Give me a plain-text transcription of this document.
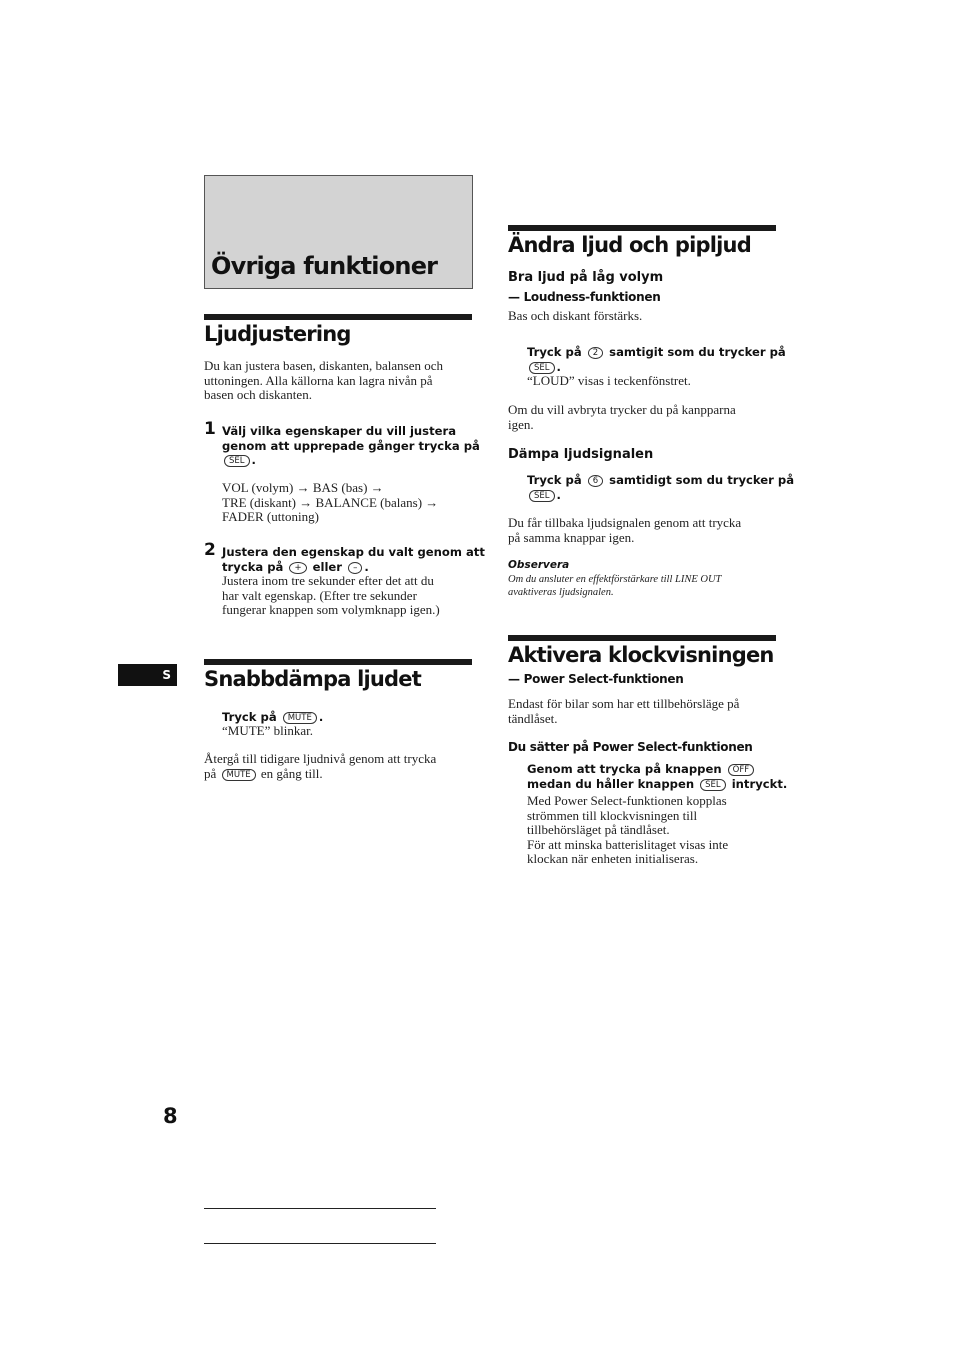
Övriga funktioner
Ljudjustering
Du kan justera basen, diskanten, balansen och
uttoningen. Alla källorna kan lagra nivån på
basen och diskanten.
1 Välj vilka egenskaper du vill justera
genom att upprepade gånger trycka på
SEL .
VOL (volym) → BAS (bas) →
TRE (diskant) → BALANCE (balans) →
FADER (uttoning)
2 Justera den egenskap du valt genom att
trycka på + eller – .
Justera inom tre sekunder efter det att du
har valt egenskap. (Efter tre sekunder
fungerar knappen som volymknapp igen.)
S Snabbdämpa ljudet
Tryck på MUTE .
“MUTE” blinkar.
Återgå till tidigare ljudnivå genom att trycka
på MUTE en gång till.
8
Ändra ljud och pipljud
Bra ljud på låg volym
— Loudness-funktionen
Bas och diskant förstärks.
Tryck på 2 samtigit som du trycker på
SEL .
“LOUD” visas i teckenfönstret.
Om du vill avbryta trycker du på kanpparna
igen.
Dämpa ljudsignalen
Tryck på 6 samtidigt som du trycker på
SEL .
Du får tillbaka ljudsignalen genom att trycka
på samma knappar igen.
Observera
Om du ansluter en effektförstärkare till LINE OUT
avaktiveras ljudsignalen.
Aktivera klockvisningen
— Power Select-funktionen
Endast för bilar som har ett tillbehörsläge på
tändlåset.
Du sätter på Power Select-funktionen
Genom att trycka på knappen OFF
medan du håller knappen SEL intryckt.
Med Power Select-funktionen kopplas
strömmen till klockvisningen till
tillbehörsläget på tändlåset.
För att minska batterislitaget visas inte
klockan när enheten initialiseras.
